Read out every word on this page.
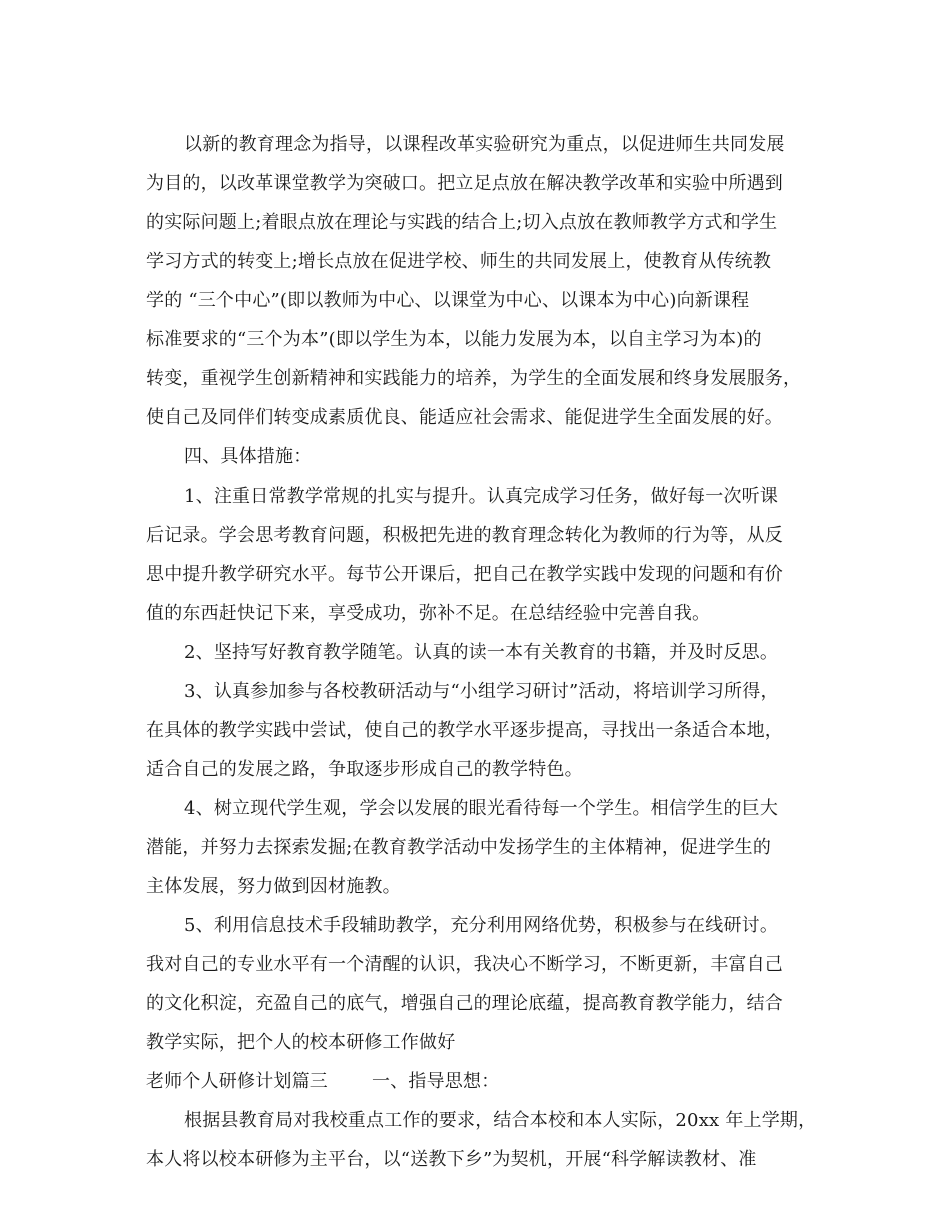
以新的教育理念为指导，以课程改革实验研究为重点，以促进师生共同发展
为目的，以改革课堂教学为突破口。把立足点放在解决教学改革和实验中所遇到
的实际问题上;着眼点放在理论与实践的结合上;切入点放在教师教学方式和学生
学习方式的转变上;增长点放在促进学校、师生的共同发展上，使教育从传统教
学的 “三个中心”(即以教师为中心、以课堂为中心、以课本为中心)向新课程
标准要求的“三个为本”(即以学生为本，以能力发展为本，以自主学习为本)的
转变，重视学生创新精神和实践能力的培养，为学生的全面发展和终身发展服务，
使自己及同伴们转变成素质优良、能适应社会需求、能促进学生全面发展的好。
四、具体措施：
1、注重日常教学常规的扎实与提升。认真完成学习任务，做好每一次听课
后记录。学会思考教育问题，积极把先进的教育理念转化为教师的行为等，从反
思中提升教学研究水平。每节公开课后，把自己在教学实践中发现的问题和有价
值的东西赶快记下来，享受成功，弥补不足。在总结经验中完善自我。
2、坚持写好教育教学随笔。认真的读一本有关教育的书籍，并及时反思。
3、认真参加参与各校教研活动与“小组学习研讨”活动，将培训学习所得，
在具体的教学实践中尝试，使自己的教学水平逐步提高，寻找出一条适合本地，
适合自己的发展之路，争取逐步形成自己的教学特色。
4、树立现代学生观，学会以发展的眼光看待每一个学生。相信学生的巨大
潜能，并努力去探索发掘;在教育教学活动中发扬学生的主体精神，促进学生的
主体发展，努力做到因材施教。
5、利用信息技术手段辅助教学，充分利用网络优势，积极参与在线研讨。
我对自己的专业水平有一个清醒的认识，我决心不断学习，不断更新，丰富自己
的文化积淀，充盈自己的底气，增强自己的理论底蕴，提高教育教学能力，结合
教学实际，把个人的校本研修工作做好
老师个人研修计划篇三 一、指导思想：
根据县教育局对我校重点工作的要求，结合本校和本人实际，20xx 年上学期，
本人将以校本研修为主平台，以“送教下乡”为契机，开展“科学解读教材、准
